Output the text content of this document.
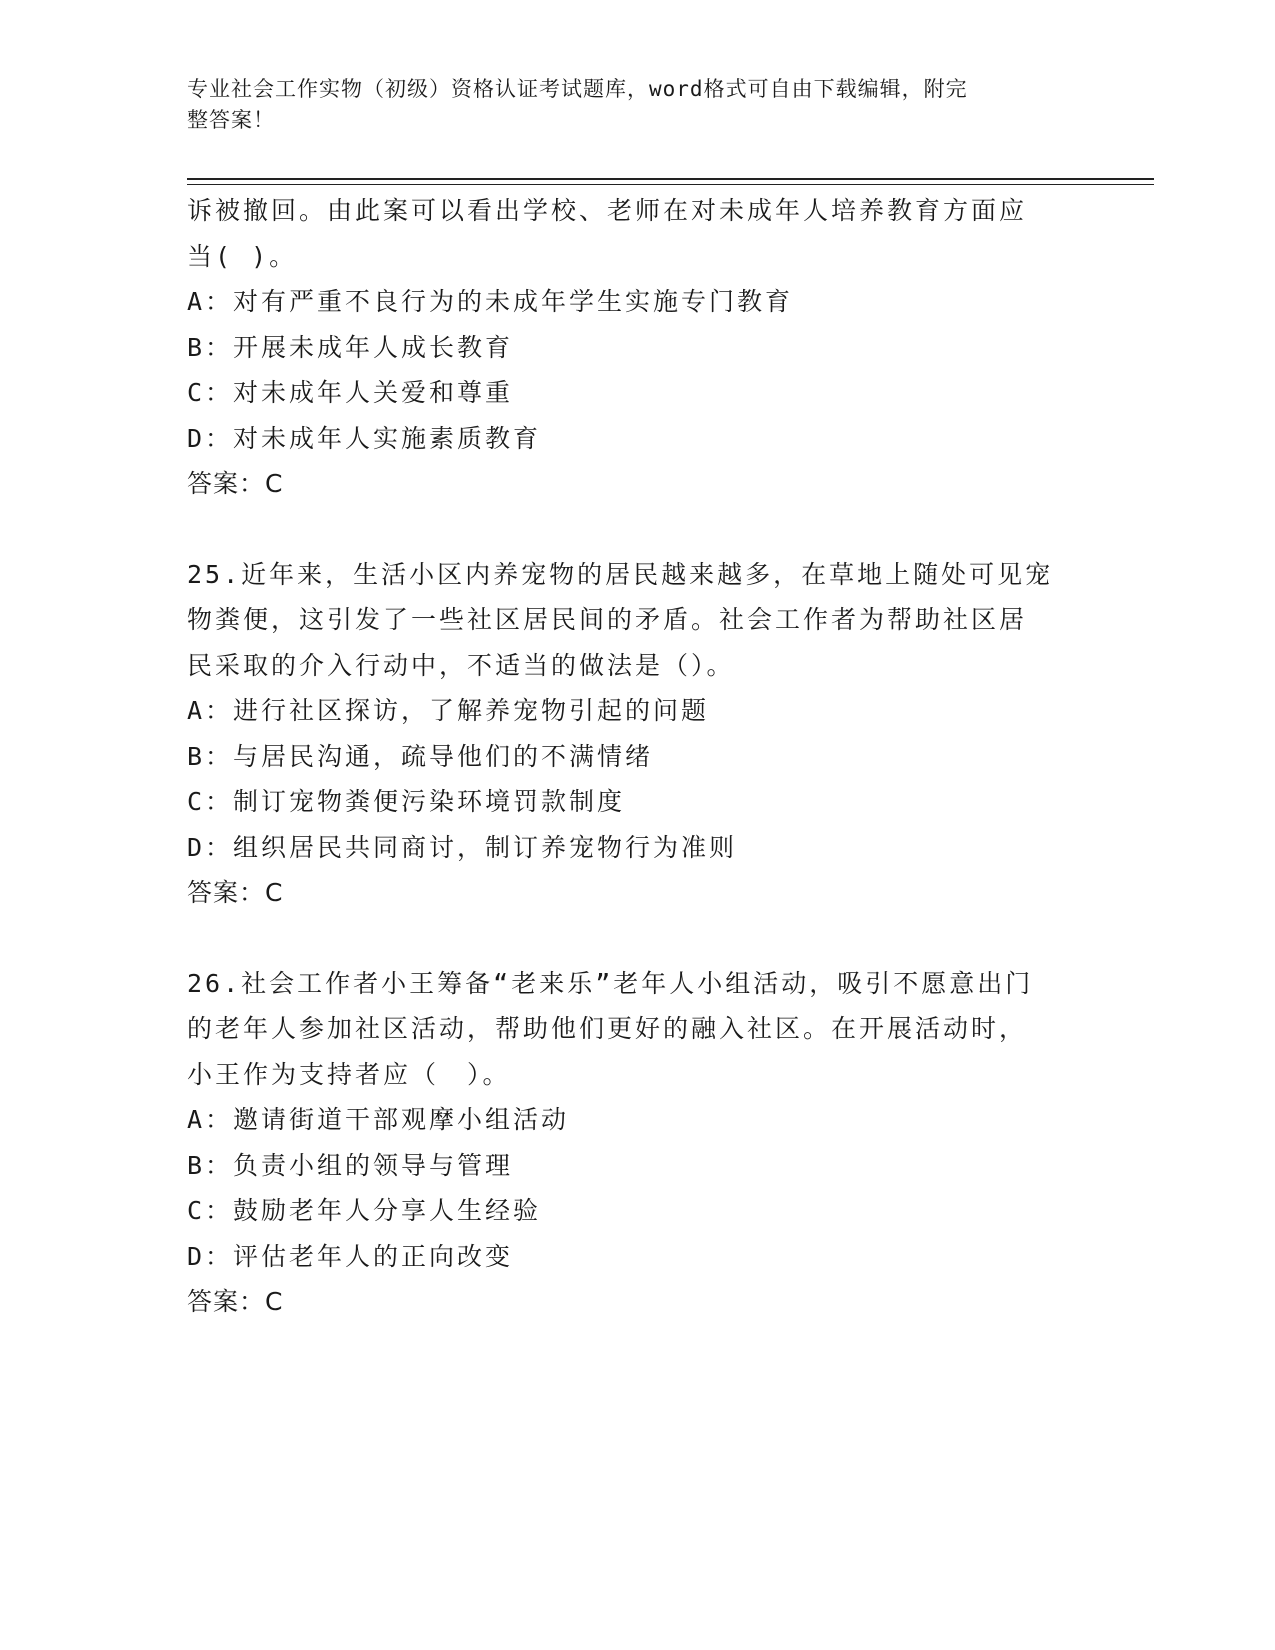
专业社会工作实物（初级）资格认证考试题库，word格式可自由下载编辑，附完
整答案！

诉被撤回。由此案可以看出学校、老师在对未成年人培养教育方面应

当( )。

A：对有严重不良行为的未成年学生实施专门教育

B：开展未成年人成长教育

C：对未成年人关爱和尊重

D：对未成年人实施素质教育

答案：C

25.近年来，生活小区内养宠物的居民越来越多，在草地上随处可见宠

物粪便，这引发了一些社区居民间的矛盾。社会工作者为帮助社区居

民采取的介入行动中，不适当的做法是（）。

A：进行社区探访，了解养宠物引起的问题

B：与居民沟通，疏导他们的不满情绪

C：制订宠物粪便污染环境罚款制度

D：组织居民共同商讨，制订养宠物行为准则

答案：C

26.社会工作者小王筹备“老来乐”老年人小组活动，吸引不愿意出门

的老年人参加社区活动，帮助他们更好的融入社区。在开展活动时，

小王作为支持者应（　）。

A：邀请街道干部观摩小组活动

B：负责小组的领导与管理

C：鼓励老年人分享人生经验

D：评估老年人的正向改变

答案：C
